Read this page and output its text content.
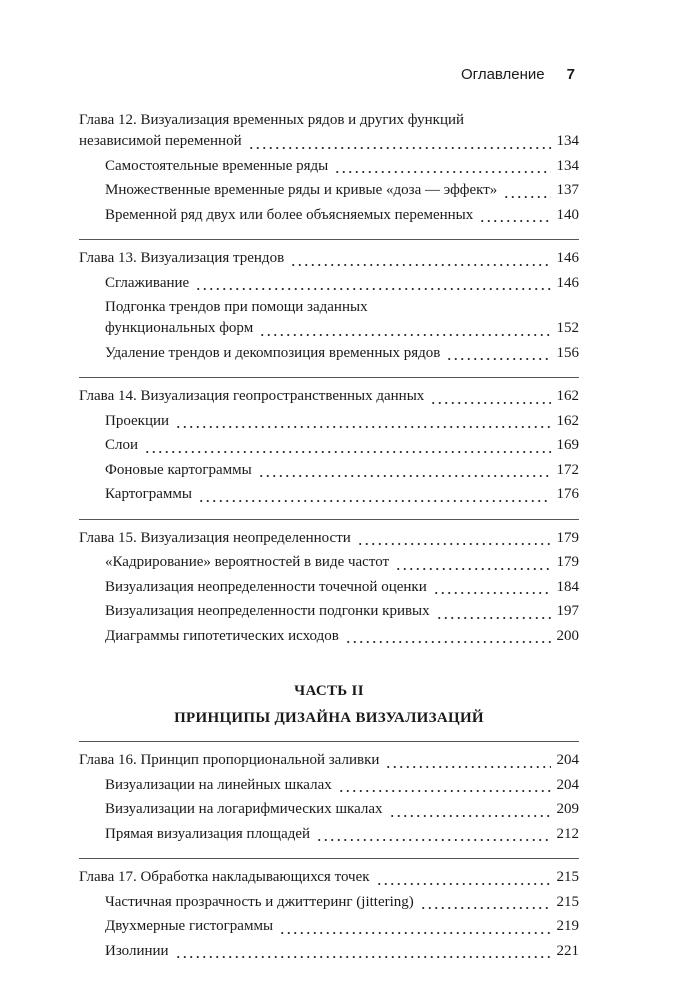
Оглавление 7
Глава 12. Визуализация временных рядов и других функций
независимой переменной	134
Самостоятельные временные ряды	134
Множественные временные ряды и кривые «доза — эффект»	137
Временной ряд двух или более объясняемых переменных	140
Глава 13. Визуализация трендов	146
Сглаживание	146
Подгонка трендов при помощи заданных
функциональных форм	152
Удаление трендов и декомпозиция временных рядов	156
Глава 14. Визуализация геопространственных данных	162
Проекции	162
Слои	169
Фоновые картограммы	172
Картограммы	176
Глава 15. Визуализация неопределенности	179
«Кадрирование» вероятностей в виде частот	179
Визуализация неопределенности точечной оценки	184
Визуализация неопределенности подгонки кривых	197
Диаграммы гипотетических исходов	200
ЧАСТЬ II
ПРИНЦИПЫ ДИЗАЙНА ВИЗУАЛИЗАЦИЙ
Глава 16. Принцип пропорциональной заливки	204
Визуализации на линейных шкалах	204
Визуализации на логарифмических шкалах	209
Прямая визуализация площадей	212
Глава 17. Обработка накладывающихся точек	215
Частичная прозрачность и джиттеринг (jittering)	215
Двухмерные гистограммы	219
Изолинии	221
